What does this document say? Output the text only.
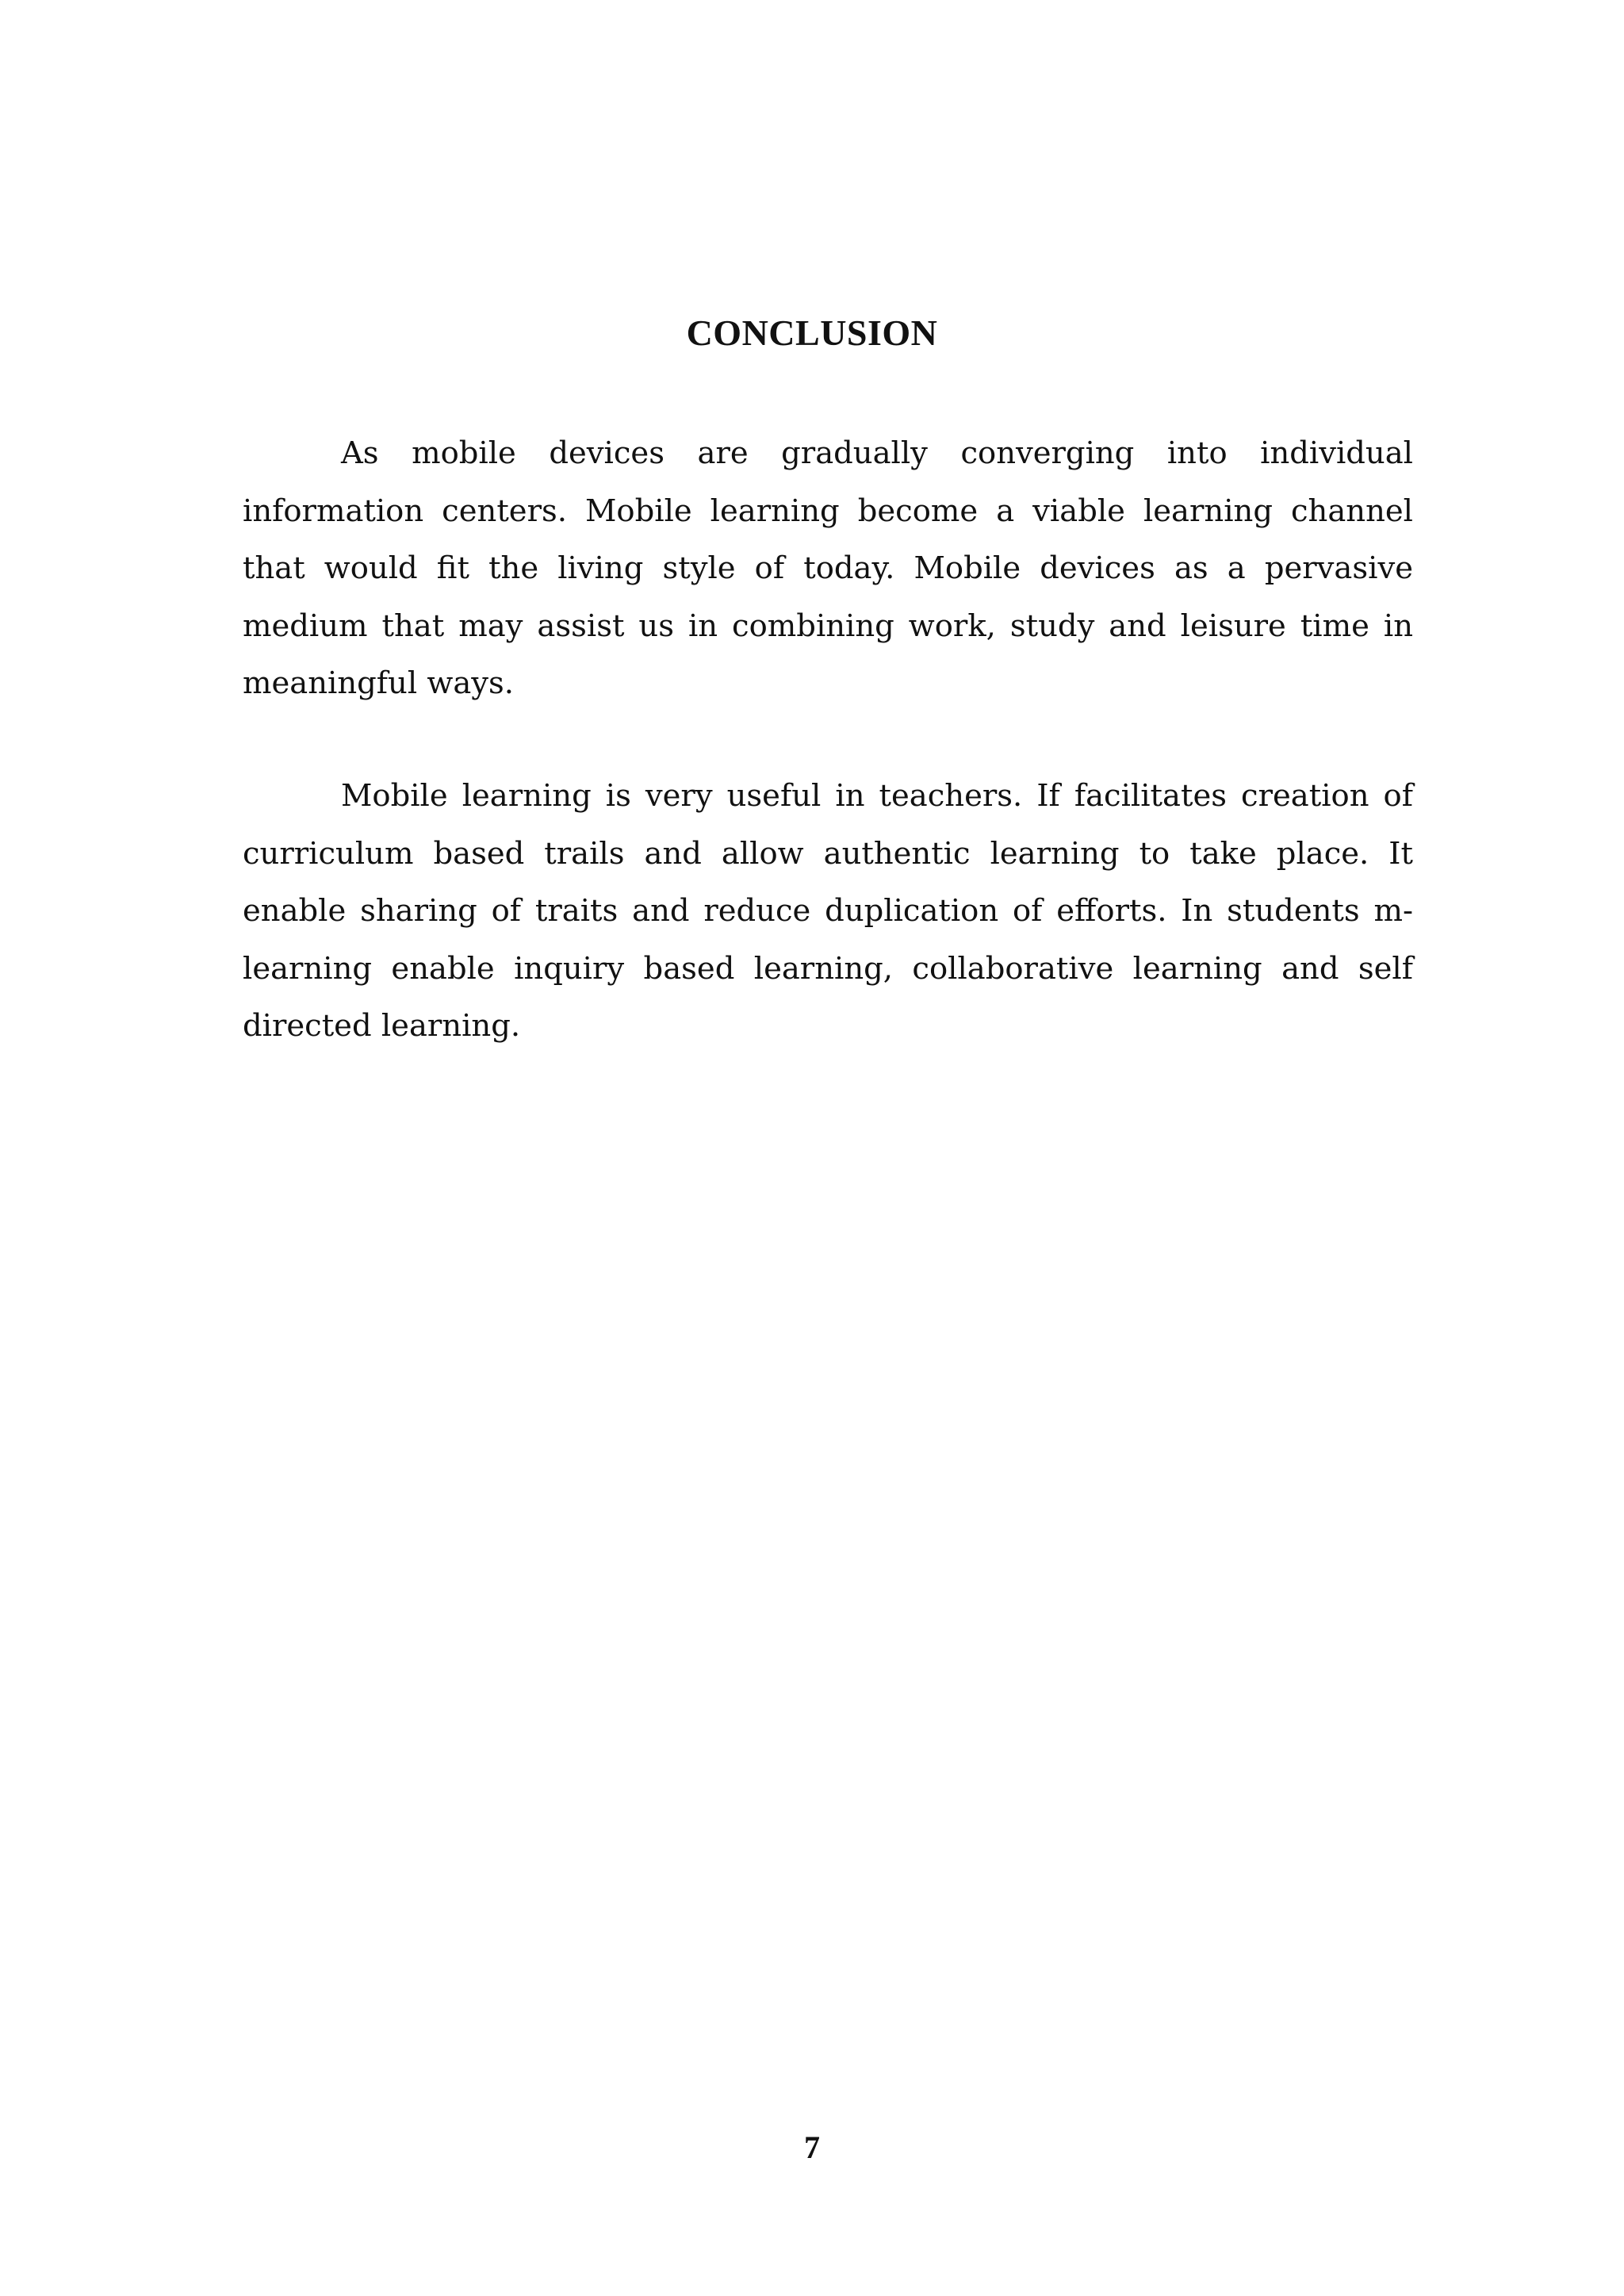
CONCLUSION

As mobile devices are gradually converging into individual information centers. Mobile learning become a viable learning channel that would fit the living style of today. Mobile devices as a pervasive medium that may assist us in combining work, study and leisure time in meaningful ways.

Mobile learning is very useful in teachers. If facilitates creation of curriculum based trails and allow authentic learning to take place. It enable sharing of traits and reduce duplication of efforts. In students m-learning enable inquiry based learning, collaborative learning and self directed learning.

7
